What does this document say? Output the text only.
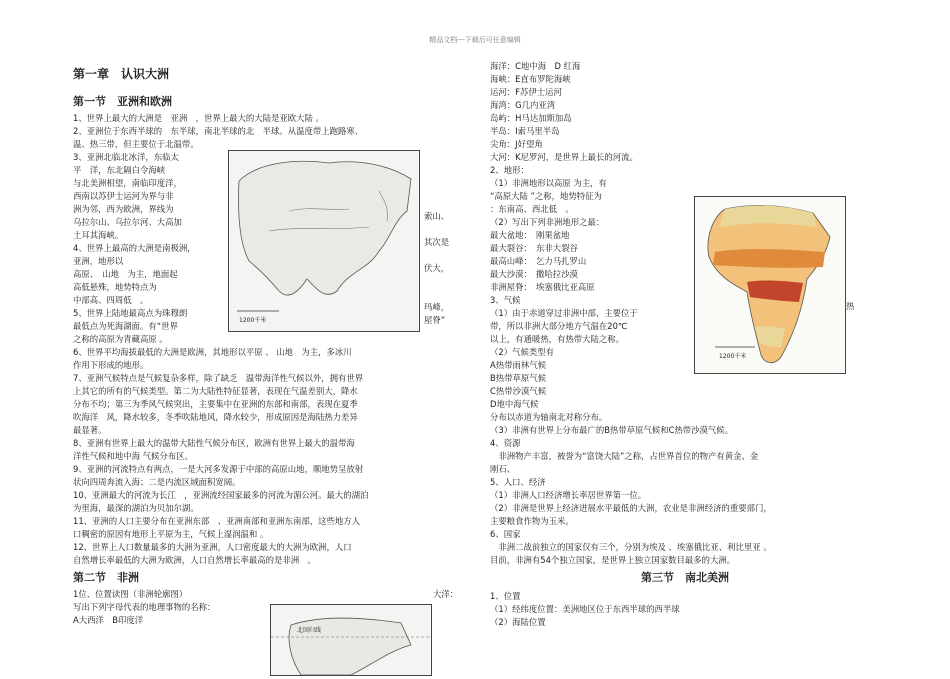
精品文档---下载后可任意编辑

第一章　认识大洲

第一节　亚洲和欧洲

1、世界上最大的大洲是　亚洲　，世界上最大的大陆是亚欧大陆 。

2、亚洲位于东西半球的　东半球，南北半球的北　半球。从温度带上跑路寒、

温、热三带，但主要位于北温带。

3、亚洲北临北冰洋，东临太

平　洋，东北隔白令海峡

与北美洲相望，南临印度洋，

西南以苏伊士运河为界与非

洲为邻，西为欧洲，界线为

乌拉尔山、乌拉尔河、大高加

土耳其海峡。

4、世界上最高的大洲是南极洲，

亚洲，地形以

高原、　山地　为主，地面起

高低悬殊，地势特点为

中部高、四周低　。

5、世界上陆地最高点为珠穆朗

最低点为死海湖面。有“世界

之称的高原为青藏高原 。

6、世界平均海拔最低的大洲是欧洲，其地形以平原 、 山地　为主，多冰川

作用下形成的地形。

7、亚洲气候特点是气候复杂多样，除了缺乏　温带海洋性气候以外，拥有世界

上其它的所有的气候类型。第二为大陆性特征显著，表现在气温差别大，降水

分布不均；第三为季风气候突出，主要集中在亚洲的东部和南部，表现在夏季

吹海洋　风，降水较多，冬季吹陆地风，降水较少，形成原因是海陆热力差异

最显著。

8、亚洲有世界上最大的温带大陆性气候分布区，欧洲有世界上最大的温带海

洋性气候和地中海 气候分布区。

9、亚洲的河流特点有两点，一是大河多发源于中部的高原山地，顺地势呈放射

状向四周奔流入海；二是内流区域面积宽阔。

10、亚洲最大的河流为长江　，亚洲流经国家最多的河流为湄公河。最大的湖泊

为里海，最深的湖泊为贝加尔湖。

11、亚洲的人口主要分布在亚洲东部　、亚洲南部和亚洲东南部，这些地方人

口稠密的原因有地形上平原为主，气候上湿润温和 。

12、世界上人口数量最多的大洲为亚洲，人口密度最大的大洲为欧洲，人口

自然增长率最低的大洲为欧洲，人口自然增长率最高的是非洲　。

第二节　非洲

1位、位置读图（非洲轮廓图）

写出下列字母代表的地理事物的名称：

A大西洋　B印度洋

索山、
其次是
伏大，
玛峰，
屋脊”
大洋：
1200千米
北回归线

海洋：C地中海　D 红海

海峡：E直布罗陀海峡

运河：F苏伊士运河

海湾：G几内亚湾

岛屿：H马达加斯加岛

半岛：I索马里半岛

尖角：J好望角

大河：K尼罗河，是世界上最长的河流。

2、地形：

（1）非洲地形以高原 为主，有

“高原大陆 ”之称，地势特征为

：东南高、西北低　。

（2）写出下列非洲地形之最：

最大盆地：　刚果盆地

最大裂谷：　东非大裂谷

最高山峰：　乞力马扎罗山

最大沙漠：　撒哈拉沙漠

非洲屋脊：　埃塞俄比亚高原

3、气候

（1）由于赤道穿过非洲中部，主要位于

带，所以非洲大部分地方气温在20℃

以上，有通暖热，有热带大陆之称。

（2）气候类型有

A热带雨林气候

B热带草原气候

C热带沙漠气候

D地中海气候

分布以赤道为轴南北对称分布。

（3）非洲有世界上分布最广的B热带草原气候和C热带沙漠气候。

4、资源

　非洲物产丰富，被誉为“富饶大陆”之称，占世界首位的物产有黄金、金

刚石、

5、人口、经济

（1）非洲人口经济增长率居世界第一位。

（2）非洲是世界上经济进展水平最低的大洲，农业是非洲经济的重要部门，

主要粮食作物为玉米。

6、国家

　非洲二战前独立的国家仅有三个，分别为埃及 、埃塞俄比亚、利比里亚 。

目前，非洲有54个独立国家，是世界上独立国家数目最多的大洲。

第三节　南北美洲

1、位置

（1）经纬度位置：美洲地区位于东西半球的西半球

（2）海陆位置

热
1200千米
